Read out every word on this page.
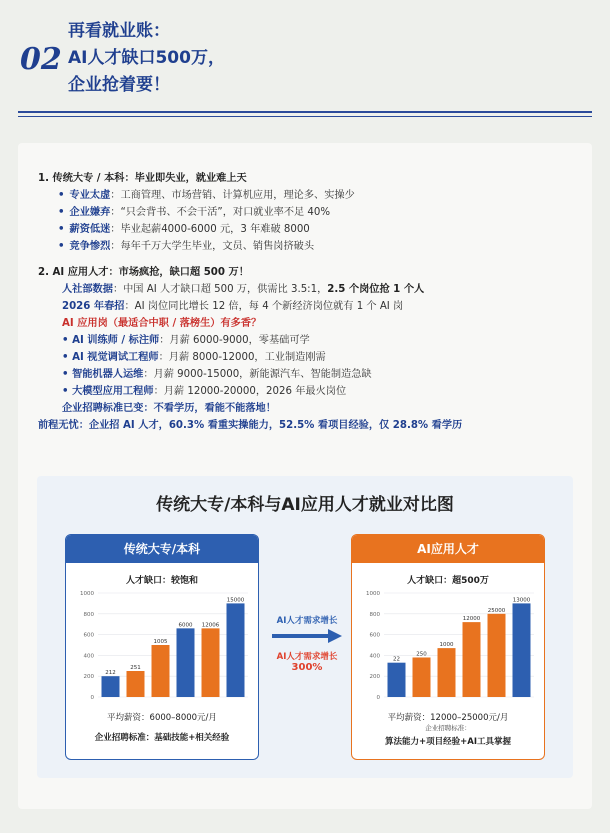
02
再看就业账：
AI人才缺口500万，
企业抢着要！
1. 传统大专 / 本科：毕业即失业，就业难上天
• 专业太虚：工商管理、市场营销、计算机应用，理论多、实操少
• 企业嫌弃：“只会背书、不会干活”，对口就业率不足 40%
• 薪资低迷：毕业起薪4000-6000 元，3 年难破 8000
• 竞争惨烈：每年千万大学生毕业，文员、销售岗挤破头
2. AI 应用人才：市场疯抢，缺口超 500 万！
人社部数据：中国 AI 人才缺口超 500 万，供需比 3.5:1，2.5 个岗位抢 1 个人
2026 年春招：AI 岗位同比增长 12 倍，每 4 个新经济岗位就有 1 个 AI 岗
AI 应用岗（最适合中职 / 落榜生）有多香？
• AI 训练师 / 标注师：月薪 6000-9000，零基础可学
• AI 视觉调试工程师：月薪 8000-12000，工业制造刚需
• 智能机器人运维：月薪 9000-15000，新能源汽车、智能制造急缺
• 大模型应用工程师：月薪 12000-20000，2026 年最火岗位
企业招聘标准已变：不看学历，看能不能落地！
前程无忧：企业招 AI 人才，60.3% 看重实操能力，52.5% 看项目经验，仅 28.8% 看学历
传统大专/本科与AI应用人才就业对比图
传统大专/本科
人才缺口：较饱和
0
200
400
600
800
1000
212
251
1005
6000 12006
15000
平均薪资：6000–8000元/月
企业招聘标准：基础技能+相关经验
AI人才需求增长
AI人才需求增长
300%
AI应用人才
人才缺口：超500万
0
200
400
600
800
1000
22
250
1000
12000
25000
13000
平均薪资：12000–25000元/月
企业招聘标准：
算法能力+项目经验+AI工具掌握
